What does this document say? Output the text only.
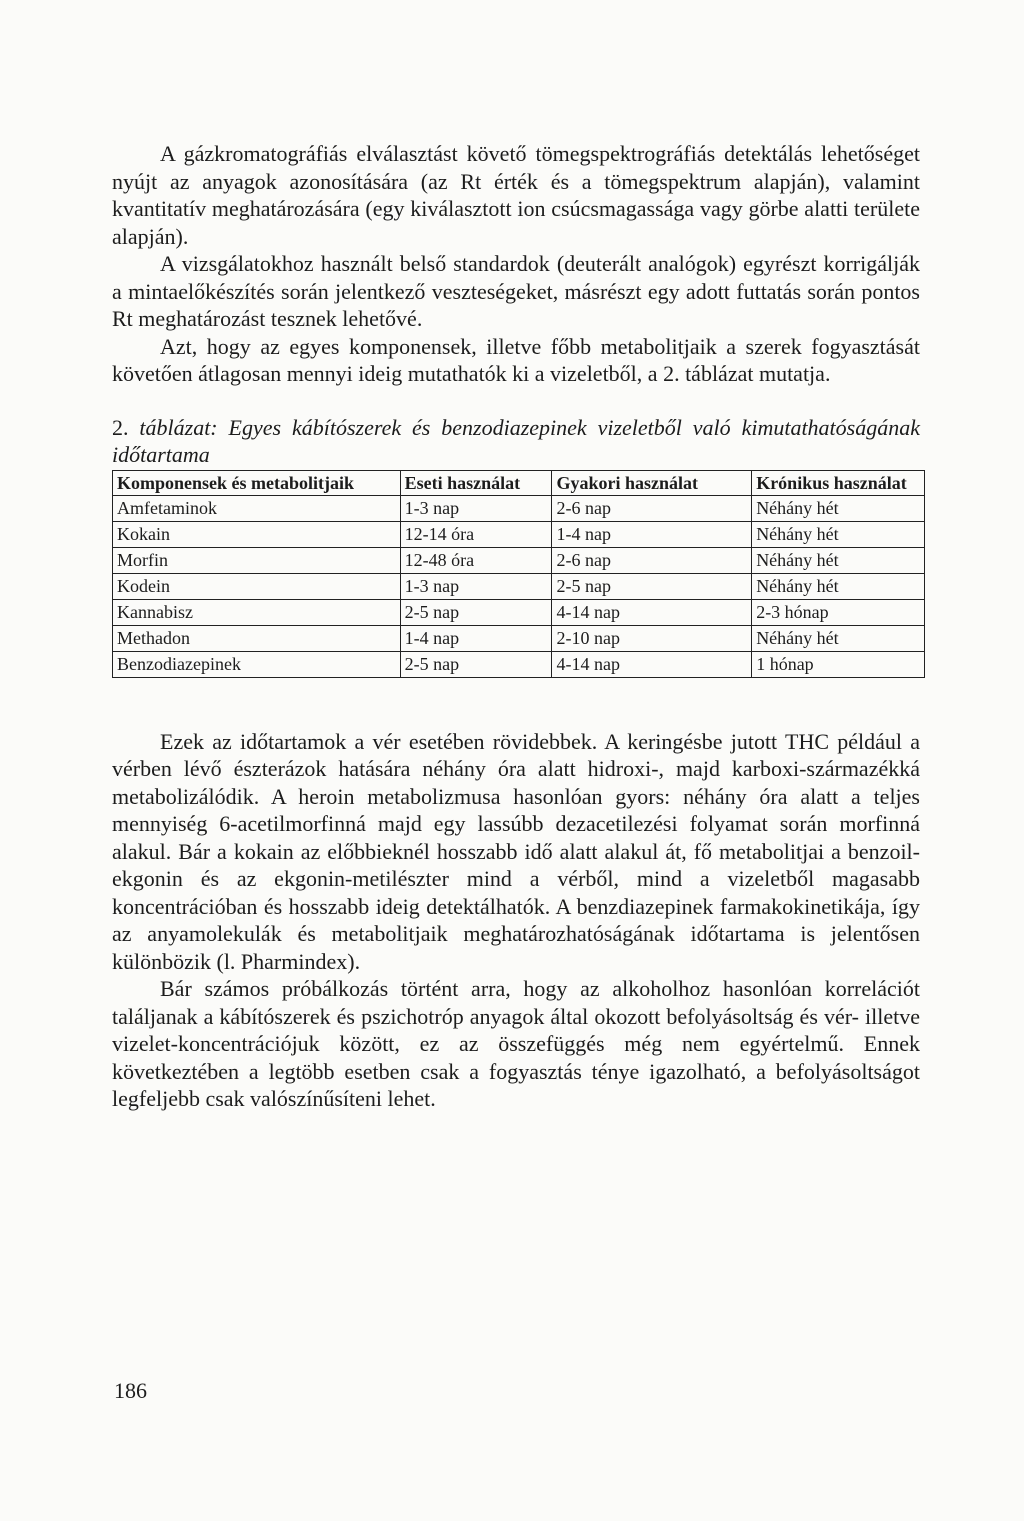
A gázkromatográfiás elválasztást követő tömegspektrográfiás detektálás lehetőséget nyújt az anyagok azonosítására (az Rt érték és a tömegspektrum alapján), valamint kvantitatív meghatározására (egy kiválasztott ion csúcsmagassága vagy görbe alatti területe alapján).

A vizsgálatokhoz használt belső standardok (deuterált analógok) egyrészt korrigálják a mintaelőkészítés során jelentkező veszteségeket, másrészt egy adott futtatás során pontos Rt meghatározást tesznek lehetővé.

Azt, hogy az egyes komponensek, illetve főbb metabolitjaik a szerek fogyasztását követően átlagosan mennyi ideig mutathatók ki a vizeletből, a 2. táblázat mutatja.

2. táblázat: Egyes kábítószerek és benzodiazepinek vizeletből való kimutathatóságának időtartama
Komponensek és metabolitjaik	Eseti használat	Gyakori használat	Krónikus használat
Amfetaminok	1-3 nap	2-6 nap	Néhány hét
Kokain	12-14 óra	1-4 nap	Néhány hét
Morfin	12-48 óra	2-6 nap	Néhány hét
Kodein	1-3 nap	2-5 nap	Néhány hét
Kannabisz	2-5 nap	4-14 nap	2-3 hónap
Methadon	1-4 nap	2-10 nap	Néhány hét
Benzodiazepinek	2-5 nap	4-14 nap	1 hónap

Ezek az időtartamok a vér esetében rövidebbek. A keringésbe jutott THC például a vérben lévő észterázok hatására néhány óra alatt hidroxi-, majd karboxi-származékká metabolizálódik. A heroin metabolizmusa hasonlóan gyors: néhány óra alatt a teljes mennyiség 6-acetilmorfinná majd egy lassúbb dezacetilezési folyamat során morfinná alakul. Bár a kokain az előbbieknél hosszabb idő alatt alakul át, fő metabolitjai a benzoil-ekgonin és az ekgonin-metilészter mind a vérből, mind a vizeletből magasabb koncentrációban és hosszabb ideig detektálhatók. A benzdiazepinek farmakokinetikája, így az anyamolekulák és metabolitjaik meghatározhatóságának időtartama is jelentősen különbözik (l. Pharmindex).

Bár számos próbálkozás történt arra, hogy az alkoholhoz hasonlóan korrelációt találjanak a kábítószerek és pszichotróp anyagok által okozott befolyásoltság és vér- illetve vizelet-koncentrációjuk között, ez az összefüggés még nem egyértelmű. Ennek következtében a legtöbb esetben csak a fogyasztás ténye igazolható, a befolyásoltságot legfeljebb csak valószínűsíteni lehet.

186
